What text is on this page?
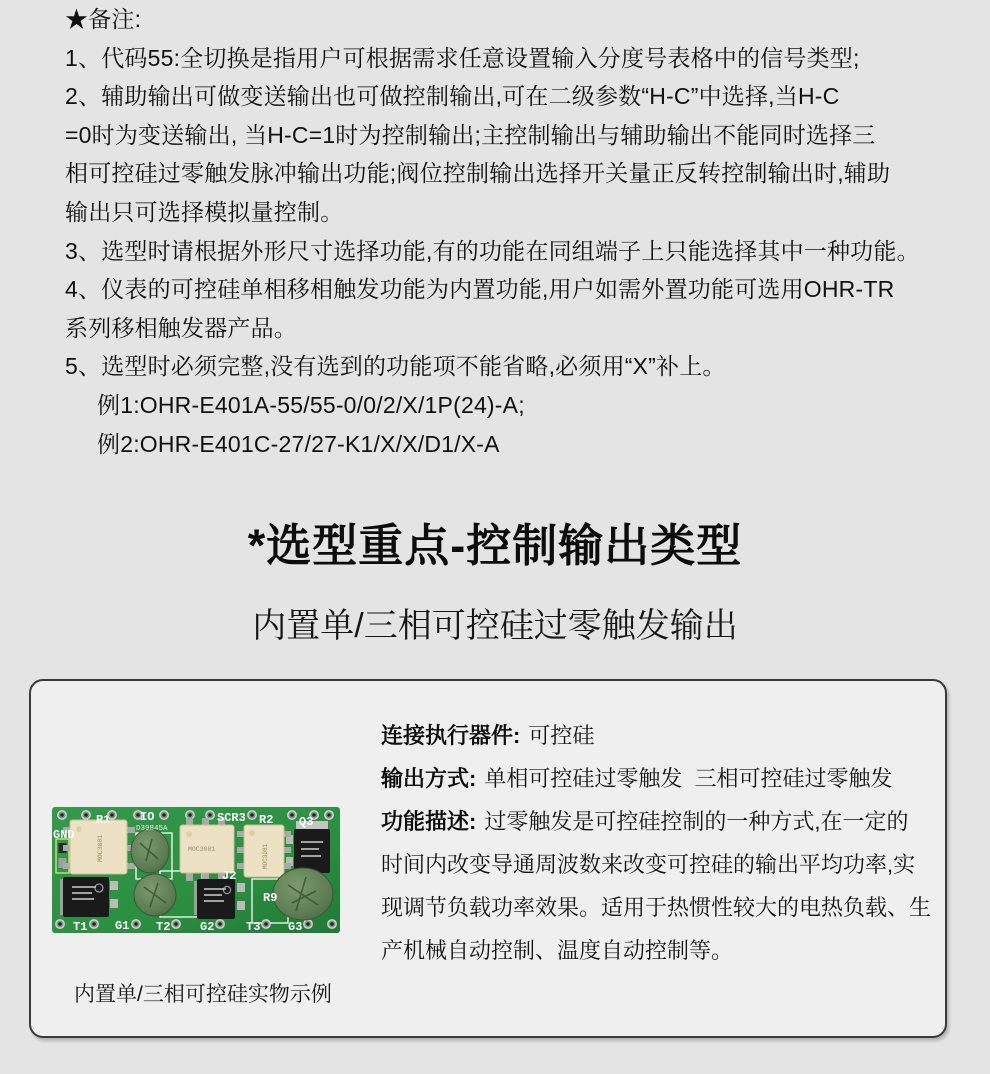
★备注:
1、代码55:全切换是指用户可根据需求任意设置输入分度号表格中的信号类型;
2、辅助输出可做变送输出也可做控制输出,可在二级参数“H-C”中选择,当H-C
=0时为变送输出, 当H-C=1时为控制输出;主控制输出与辅助输出不能同时选择三
相可控硅过零触发脉冲输出功能;阀位控制输出选择开关量正反转控制输出时,辅助
输出只可选择模拟量控制。
3、选型时请根据外形尺寸选择功能,有的功能在同组端子上只能选择其中一种功能。
4、仪表的可控硅单相移相触发功能为内置功能,用户如需外置功能可选用OHR-TR
系列移相触发器产品。
5、选型时必须完整,没有选到的功能项不能省略,必须用“X”补上。
例1:OHR-E401A-55/55-0/0/2/X/1P(24)-A;
例2:OHR-E401C-27/27-K1/X/X/D1/X-A
*选型重点-控制输出类型
内置单/三相可控硅过零触发输出
MOC3081	MOC3081	MOC3081
GND
R1 IO
D39845A
SCR3 R2 Q3
J2
R9
T1 G1 T2 G2	T3 G3
内置单/三相可控硅实物示例
连接执行器件: 可控硅
输出方式: 单相可控硅过零触发  三相可控硅过零触发
功能描述: 过零触发是可控硅控制的一种方式,在一定的
时间内改变导通周波数来改变可控硅的输出平均功率,实
现调节负载功率效果。适用于热惯性较大的电热负载、生
产机械自动控制、温度自动控制等。
